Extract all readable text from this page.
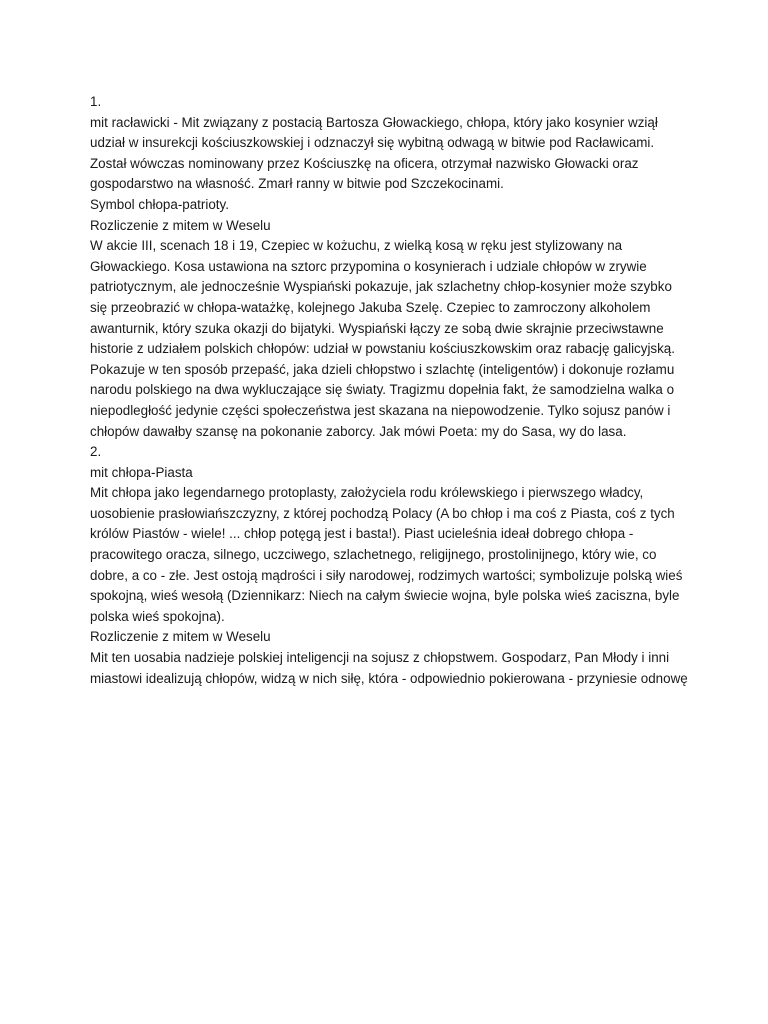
1.

mit racławicki - Mit związany z postacią Bartosza Głowackiego, chłopa, który jako kosynier wziął udział w insurekcji kościuszkowskiej i odznaczył się wybitną odwagą w bitwie pod Racławicami. Został wówczas nominowany przez Kościuszkę na oficera, otrzymał nazwisko Głowacki oraz gospodarstwo na własność. Zmarł ranny w bitwie pod Szczekocinami.

Symbol chłopa-patrioty.

Rozliczenie z mitem w Weselu

W akcie III, scenach 18 i 19, Czepiec w kożuchu, z wielką kosą w ręku jest stylizowany na Głowackiego. Kosa ustawiona na sztorc przypomina o kosynierach i udziale chłopów w zrywie patriotycznym, ale jednocześnie Wyspiański pokazuje, jak szlachetny chłop-kosynier może szybko się przeobrazić w chłopa-watażkę, kolejnego Jakuba Szelę. Czepiec to zamroczony alkoholem awanturnik, który szuka okazji do bijatyki. Wyspiański łączy ze sobą dwie skrajnie przeciwstawne historie z udziałem polskich chłopów: udział w powstaniu kościuszkowskim oraz rabację galicyjską. Pokazuje w ten sposób przepaść, jaka dzieli chłopstwo i szlachtę (inteligentów) i dokonuje rozłamu narodu polskiego na dwa wykluczające się światy. Tragizmu dopełnia fakt, że samodzielna walka o niepodległość jedynie części społeczeństwa jest skazana na niepowodzenie. Tylko sojusz panów i chłopów dawałby szansę na pokonanie zaborcy. Jak mówi Poeta: my do Sasa, wy do lasa.

2.

mit chłopa-Piasta

Mit chłopa jako legendarnego protoplasty, założyciela rodu królewskiego i pierwszego władcy, uosobienie prasłowiańszczyzny, z której pochodzą Polacy (A bo chłop i ma coś z Piasta, coś z tych królów Piastów - wiele! ... chłop potęgą jest i basta!). Piast ucieleśnia ideał dobrego chłopa - pracowitego oracza, silnego, uczciwego, szlachetnego, religijnego, prostolinijnego, który wie, co dobre, a co - złe. Jest ostoją mądrości i siły narodowej, rodzimych wartości; symbolizuje polską wieś spokojną, wieś wesołą (Dziennikarz: Niech na całym świecie wojna, byle polska wieś zaciszna, byle polska wieś spokojna).

Rozliczenie z mitem w Weselu

Mit ten uosabia nadzieje polskiej inteligencji na sojusz z chłopstwem. Gospodarz, Pan Młody i inni miastowi idealizują chłopów, widzą w nich siłę, która - odpowiednio pokierowana - przyniesie odnowę
